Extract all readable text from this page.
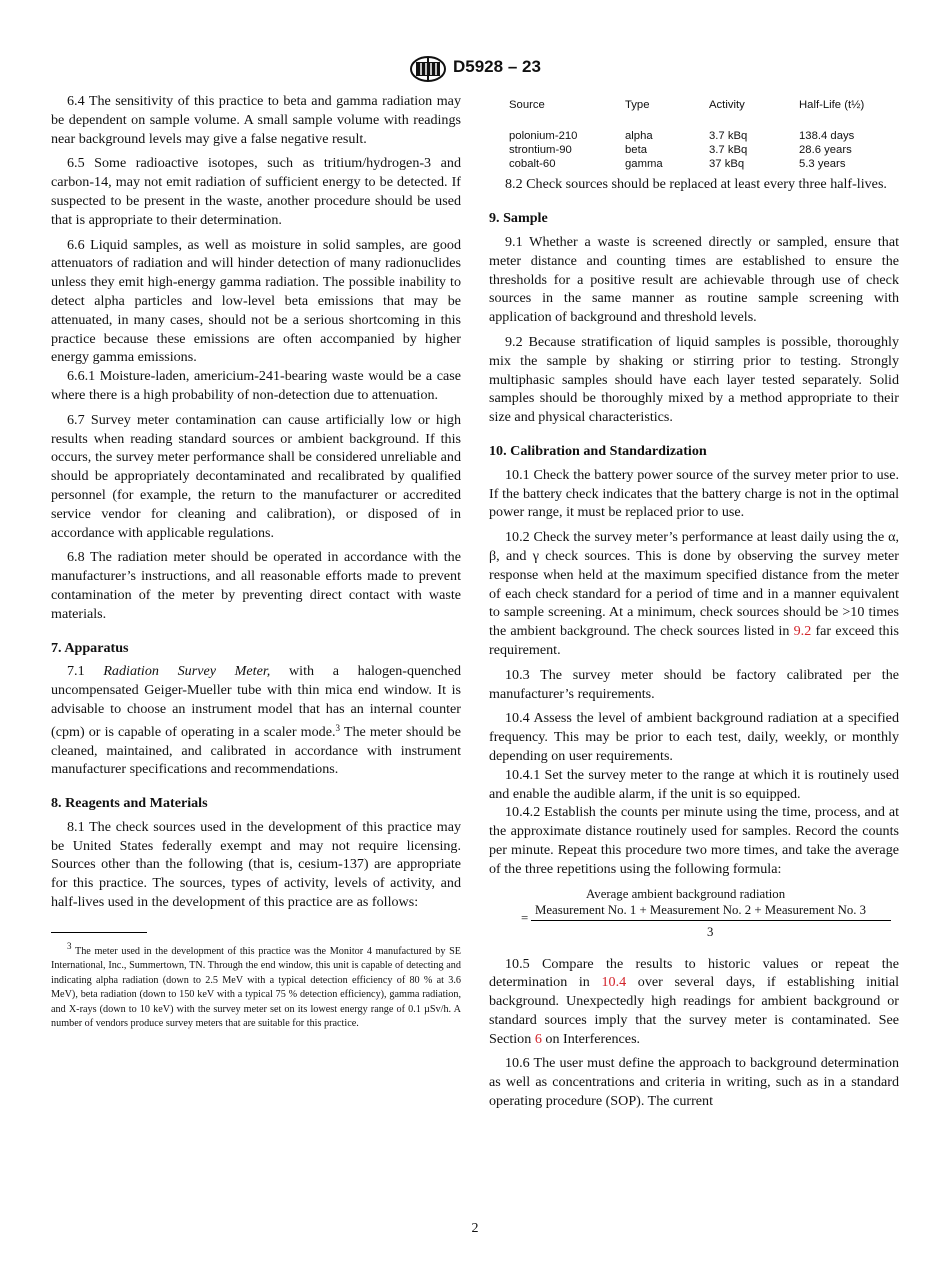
D5928 – 23

6.4 The sensitivity of this practice to beta and gamma radiation may be dependent on sample volume. A small sample volume with readings near background levels may give a false negative result.

6.5 Some radioactive isotopes, such as tritium/hydrogen-3 and carbon-14, may not emit radiation of sufficient energy to be detected. If suspected to be present in the waste, another procedure should be used that is appropriate to their determination.

6.6 Liquid samples, as well as moisture in solid samples, are good attenuators of radiation and will hinder detection of many radionuclides unless they emit high-energy gamma radiation. The possible inability to detect alpha particles and low-level beta emissions that may be attenuated, in many cases, should not be a serious shortcoming in this practice because these emissions are often accompanied by higher energy gamma emissions.

6.6.1 Moisture-laden, americium-241-bearing waste would be a case where there is a high probability of non-detection due to attenuation.

6.7 Survey meter contamination can cause artificially low or high results when reading standard sources or ambient background. If this occurs, the survey meter performance shall be considered unreliable and should be appropriately decontaminated and recalibrated by qualified personnel (for example, the return to the manufacturer or accredited service vendor for cleaning and calibration), or disposed of in accordance with applicable regulations.

6.8 The radiation meter should be operated in accordance with the manufacturer’s instructions, and all reasonable efforts made to prevent contamination of the meter by preventing direct contact with waste materials.

7. Apparatus

7.1 Radiation Survey Meter, with a halogen-quenched uncompensated Geiger-Mueller tube with thin mica end window. It is advisable to choose an instrument model that has an internal counter (cpm) or is capable of operating in a scaler mode.$^3$ The meter should be cleaned, maintained, and calibrated in accordance with instrument manufacturer specifications and recommendations.

8. Reagents and Materials

8.1 The check sources used in the development of this practice may be United States federally exempt and may not require licensing. Sources other than the following (that is, cesium-137) are appropriate for this practice. The sources, types of activity, levels of activity, and half-lives used in the development of this practice are as follows:

3 The meter used in the development of this practice was the Monitor 4 manufactured by SE International, Inc., Summertown, TN. Through the end window, this unit is capable of detecting and indicating alpha radiation (down to 2.5 MeV with a typical detection efficiency of 80 % at 3.6 MeV), beta radiation (down to 150 keV with a typical 75 % detection efficiency), gamma radiation, and X-rays (down to 10 keV) with the survey meter set on its lowest energy range of 0.1 µSv/h. A number of vendors produce survey meters that are suitable for this practice.

Source	Type	Activity	Half-Life (t½)
polonium-210	alpha	3.7 kBq	138.4 days
strontium-90	beta	3.7 kBq	28.6 years
cobalt-60	gamma	37 kBq	5.3 years

8.2 Check sources should be replaced at least every three half-lives.

9. Sample

9.1 Whether a waste is screened directly or sampled, ensure that meter distance and counting times are established to ensure the thresholds for a positive result are achievable through use of check sources in the same manner as routine sample screening with application of background and threshold levels.

9.2 Because stratification of liquid samples is possible, thoroughly mix the sample by shaking or stirring prior to testing. Strongly multiphasic samples should have each layer tested separately. Solid samples should be thoroughly mixed by a method appropriate to their size and physical characteristics.

10. Calibration and Standardization

10.1 Check the battery power source of the survey meter prior to use. If the battery check indicates that the battery charge is not in the optimal power range, it must be replaced prior to use.

10.2 Check the survey meter’s performance at least daily using the α, β, and γ check sources. This is done by observing the survey meter response when held at the maximum specified distance from the meter of each check standard for a period of time and in a manner equivalent to sample screening. At a minimum, check sources should be >10 times the ambient background. The check sources listed in 9.2 far exceed this requirement.

10.3 The survey meter should be factory calibrated per the manufacturer’s requirements.

10.4 Assess the level of ambient background radiation at a specified frequency. This may be prior to each test, daily, weekly, or monthly depending on user requirements.

10.4.1 Set the survey meter to the range at which it is routinely used and enable the audible alarm, if the unit is so equipped.

10.4.2 Establish the counts per minute using the time, process, and at the approximate distance routinely used for samples. Record the counts per minute. Repeat this procedure two more times, and take the average of the three repetitions using the following formula:

Average ambient background radiation
=
Measurement No. 1 + Measurement No. 2 + Measurement No. 3
3

10.5 Compare the results to historic values or repeat the determination in 10.4 over several days, if establishing initial background. Unexpectedly high readings for ambient background or standard sources imply that the survey meter is contaminated. See Section 6 on Interferences.

10.6 The user must define the approach to background determination as well as concentrations and criteria in writing, such as in a standard operating procedure (SOP). The current

2
